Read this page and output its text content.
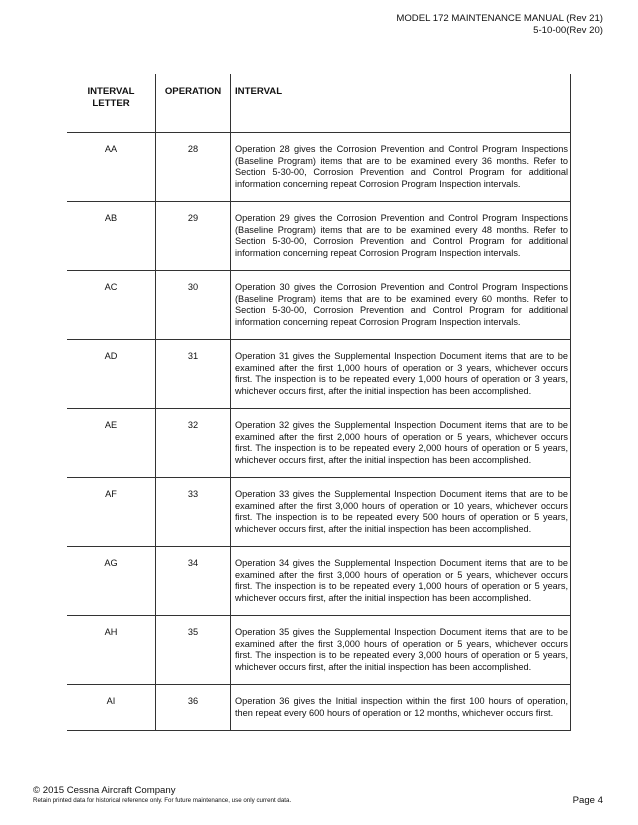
MODEL 172 MAINTENANCE MANUAL (Rev 21)
5-10-00(Rev 20)
INTERVAL LETTER	OPERATION	INTERVAL
AA	28	Operation 28 gives the Corrosion Prevention and Control Program Inspections (Baseline Program) items that are to be examined every 36 months. Refer to Section 5-30-00, Corrosion Prevention and Control Program for additional information concerning repeat Corrosion Program Inspection intervals.
AB	29	Operation 29 gives the Corrosion Prevention and Control Program Inspections (Baseline Program) items that are to be examined every 48 months. Refer to Section 5-30-00, Corrosion Prevention and Control Program for additional information concerning repeat Corrosion Program Inspection intervals.
AC	30	Operation 30 gives the Corrosion Prevention and Control Program Inspections (Baseline Program) items that are to be examined every 60 months. Refer to Section 5-30-00, Corrosion Prevention and Control Program for additional information concerning repeat Corrosion Program Inspection intervals.
AD	31	Operation 31 gives the Supplemental Inspection Document items that are to be examined after the first 1,000 hours of operation or 3 years, whichever occurs first. The inspection is to be repeated every 1,000 hours of operation or 3 years, whichever occurs first, after the initial inspection has been accomplished.
AE	32	Operation 32 gives the Supplemental Inspection Document items that are to be examined after the first 2,000 hours of operation or 5 years, whichever occurs first. The inspection is to be repeated every 2,000 hours of operation or 5 years, whichever occurs first, after the initial inspection has been accomplished.
AF	33	Operation 33 gives the Supplemental Inspection Document items that are to be examined after the first 3,000 hours of operation or 10 years, whichever occurs first. The inspection is to be repeated every 500 hours of operation or 5 years, whichever occurs first, after the initial inspection has been accomplished.
AG	34	Operation 34 gives the Supplemental Inspection Document items that are to be examined after the first 3,000 hours of operation or 5 years, whichever occurs first. The inspection is to be repeated every 1,000 hours of operation or 5 years, whichever occurs first, after the initial inspection has been accomplished.
AH	35	Operation 35 gives the Supplemental Inspection Document items that are to be examined after the first 3,000 hours of operation or 5 years, whichever occurs first. The inspection is to be repeated every 3,000 hours of operation or 5 years, whichever occurs first, after the initial inspection has been accomplished.
AI	36	Operation 36 gives the Initial inspection within the first 100 hours of operation, then repeat every 600 hours of operation or 12 months, whichever occurs first.
© 2015 Cessna Aircraft Company
Retain printed data for historical reference only. For future maintenance, use only current data.	Page 4
